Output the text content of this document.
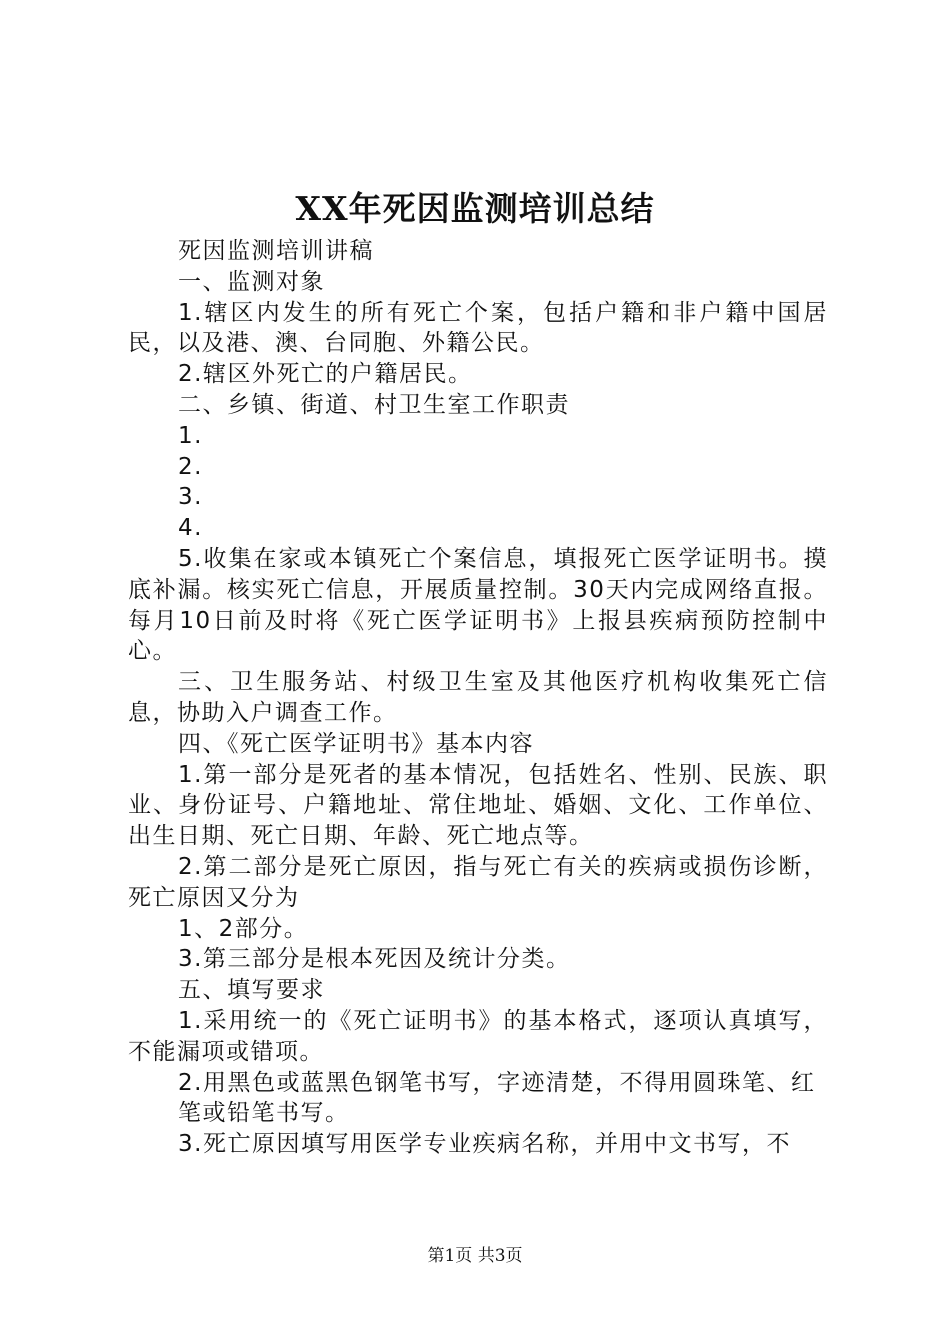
XX年死因监测培训总结

死因监测培训讲稿

一、监测对象

1.辖区内发生的所有死亡个案，包括户籍和非户籍中国居民，以及港、澳、台同胞、外籍公民。

2.辖区外死亡的户籍居民。

二、乡镇、街道、村卫生室工作职责

1.

2.

3.

4.

5.收集在家或本镇死亡个案信息，填报死亡医学证明书。摸底补漏。核实死亡信息，开展质量控制。30天内完成网络直报。每月10日前及时将《死亡医学证明书》上报县疾病预防控制中心。

三、卫生服务站、村级卫生室及其他医疗机构收集死亡信息，协助入户调查工作。

四、《死亡医学证明书》基本内容

1.第一部分是死者的基本情况，包括姓名、性别、民族、职业、身份证号、户籍地址、常住地址、婚姻、文化、工作单位、出生日期、死亡日期、年龄、死亡地点等。

2.第二部分是死亡原因，指与死亡有关的疾病或损伤诊断，死亡原因又分为

1、2部分。

3.第三部分是根本死因及统计分类。

五、填写要求

1.采用统一的《死亡证明书》的基本格式，逐项认真填写，不能漏项或错项。

2.用黑色或蓝黑色钢笔书写，字迹清楚，不得用圆珠笔、红

笔或铅笔书写。

3.死亡原因填写用医学专业疾病名称，并用中文书写，不

第1页 共3页
